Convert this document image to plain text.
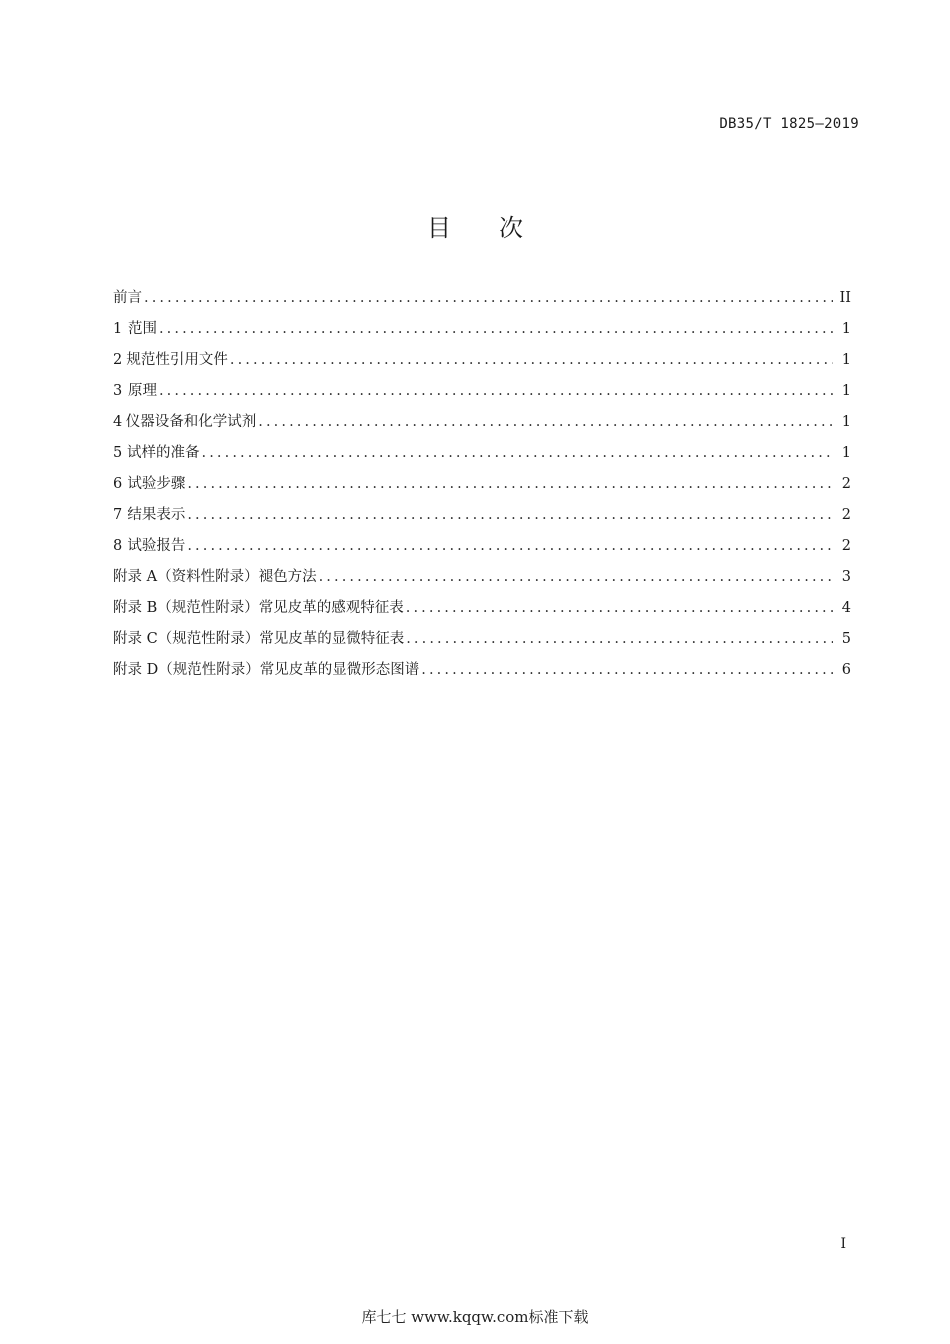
DB35/T 1825—2019
目　　次
前言 .....	II
1 范围 .....	1
2 规范性引用文件 .....	1
3 原理 .....	1
4 仪器设备和化学试剂 .....	1
5 试样的准备 .....	1
6 试验步骤 .....	2
7 结果表示 .....	2
8 试验报告 .....	2
附录 A（资料性附录） 褪色方法 .....	3
附录 B（规范性附录） 常见皮革的感观特征表 .....	4
附录 C（规范性附录） 常见皮革的显微特征表 .....	5
附录 D（规范性附录） 常见皮革的显微形态图谱 .....	6
I
库七七 www.kqqw.com标准下载
